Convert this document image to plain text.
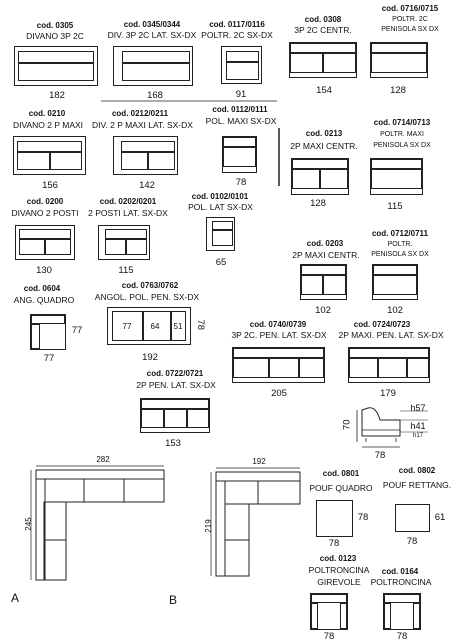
cod. 0305
DIVANO 3P 2C
182
cod. 0345/0344
DIV. 3P 2C LAT. SX-DX
168
cod. 0117/0116
POLTR. 2C SX-DX
91
cod. 0308
3P 2C CENTR.
154
cod. 0716/0715
POLTR. 2C
PENISOLA SX DX
128
cod. 0210
DIVANO 2 P MAXI
156
cod. 0212/0211
DIV. 2 P MAXI LAT. SX-DX
142
cod. 0112/0111
POL. MAXI SX-DX
78
cod. 0213
2P MAXI CENTR.
128
cod. 0714/0713
POLTR. MAXI
PENISOLA SX DX
115
cod. 0200
DIVANO 2 POSTI
130
cod. 0202/0201
2 POSTI LAT. SX-DX
115
cod. 0102/0101
POL. LAT SX-DX
65
cod. 0203
2P MAXI CENTR.
102
cod. 0712/0711
POLTR.
PENISOLA SX DX
102
cod. 0604
ANG. QUADRO
77
77
cod. 0763/0762
ANGOL. POL. PEN. SX-DX
77	64	51	78
192
cod. 0740/0739
3P 2C. PEN. LAT. SX-DX
205
cod. 0724/0723
2P MAXI. PEN. LAT. SX-DX
179
cod. 0722/0721
2P PEN. LAT. SX-DX
153
h57
h41
h17
70
78
282
245
A
192
219
B
cod. 0801
POUF QUADRO
78
78
cod. 0802
POUF RETTANG.
61
78
cod. 0123
POLTRONCINA
GIREVOLE
78
cod. 0164
POLTRONCINA
78
